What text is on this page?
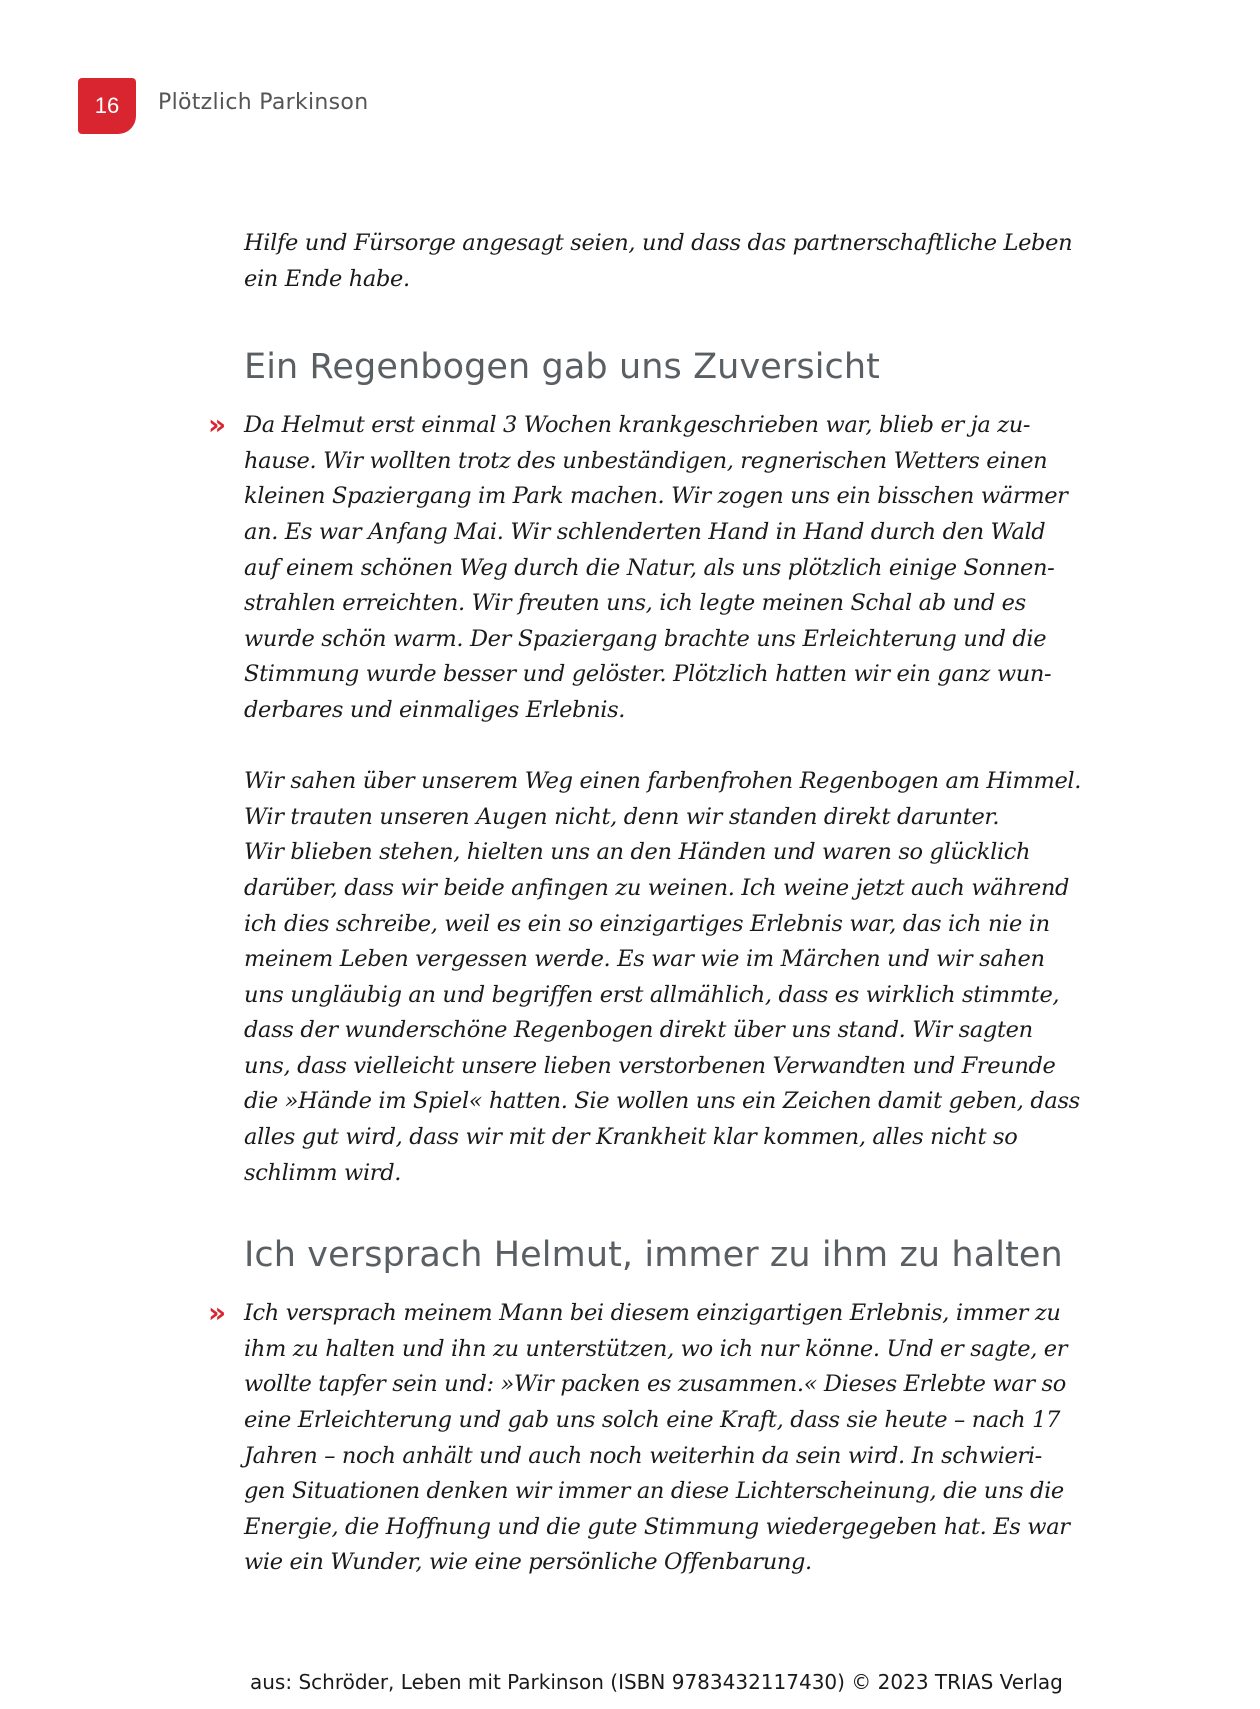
16	Plötzlich Parkinson

Hilfe und Fürsorge angesagt seien, und dass das partnerschaftliche Leben
ein Ende habe.

Ein Regenbogen gab uns Zuversicht
» Da Helmut erst einmal 3 Wochen krankgeschrieben war, blieb er ja zu-
hause. Wir wollten trotz des unbeständigen, regnerischen Wetters einen
kleinen Spaziergang im Park machen. Wir zogen uns ein bisschen wärmer
an. Es war Anfang Mai. Wir schlenderten Hand in Hand durch den Wald
auf einem schönen Weg durch die Natur, als uns plötzlich einige Sonnen-
strahlen erreichten. Wir freuten uns, ich legte meinen Schal ab und es
wurde schön warm. Der Spaziergang brachte uns Erleichterung und die
Stimmung wurde besser und gelöster. Plötzlich hatten wir ein ganz wun-
derbares und einmaliges Erlebnis.

Wir sahen über unserem Weg einen farbenfrohen Regenbogen am Himmel.
Wir trauten unseren Augen nicht, denn wir standen direkt darunter.
Wir blieben stehen, hielten uns an den Händen und waren so glücklich
darüber, dass wir beide anfingen zu weinen. Ich weine jetzt auch während
ich dies schreibe, weil es ein so einzigartiges Erlebnis war, das ich nie in
meinem Leben vergessen werde. Es war wie im Märchen und wir sahen
uns ungläubig an und begriffen erst allmählich, dass es wirklich stimmte,
dass der wunderschöne Regenbogen direkt über uns stand. Wir sagten
uns, dass vielleicht unsere lieben verstorbenen Verwandten und Freunde
die »Hände im Spiel« hatten. Sie wollen uns ein Zeichen damit geben, dass
alles gut wird, dass wir mit der Krankheit klar kommen, alles nicht so
schlimm wird.

Ich versprach Helmut, immer zu ihm zu halten
» Ich versprach meinem Mann bei diesem einzigartigen Erlebnis, immer zu
ihm zu halten und ihn zu unterstützen, wo ich nur könne. Und er sagte, er
wollte tapfer sein und: »Wir packen es zusammen.« Dieses Erlebte war so
eine Erleichterung und gab uns solch eine Kraft, dass sie heute – nach 17
Jahren – noch anhält und auch noch weiterhin da sein wird. In schwieri-
gen Situationen denken wir immer an diese Lichterscheinung, die uns die
Energie, die Hoffnung und die gute Stimmung wiedergegeben hat. Es war
wie ein Wunder, wie eine persönliche Offenbarung.

aus: Schröder, Leben mit Parkinson (ISBN 9783432117430) © 2023 TRIAS Verlag
